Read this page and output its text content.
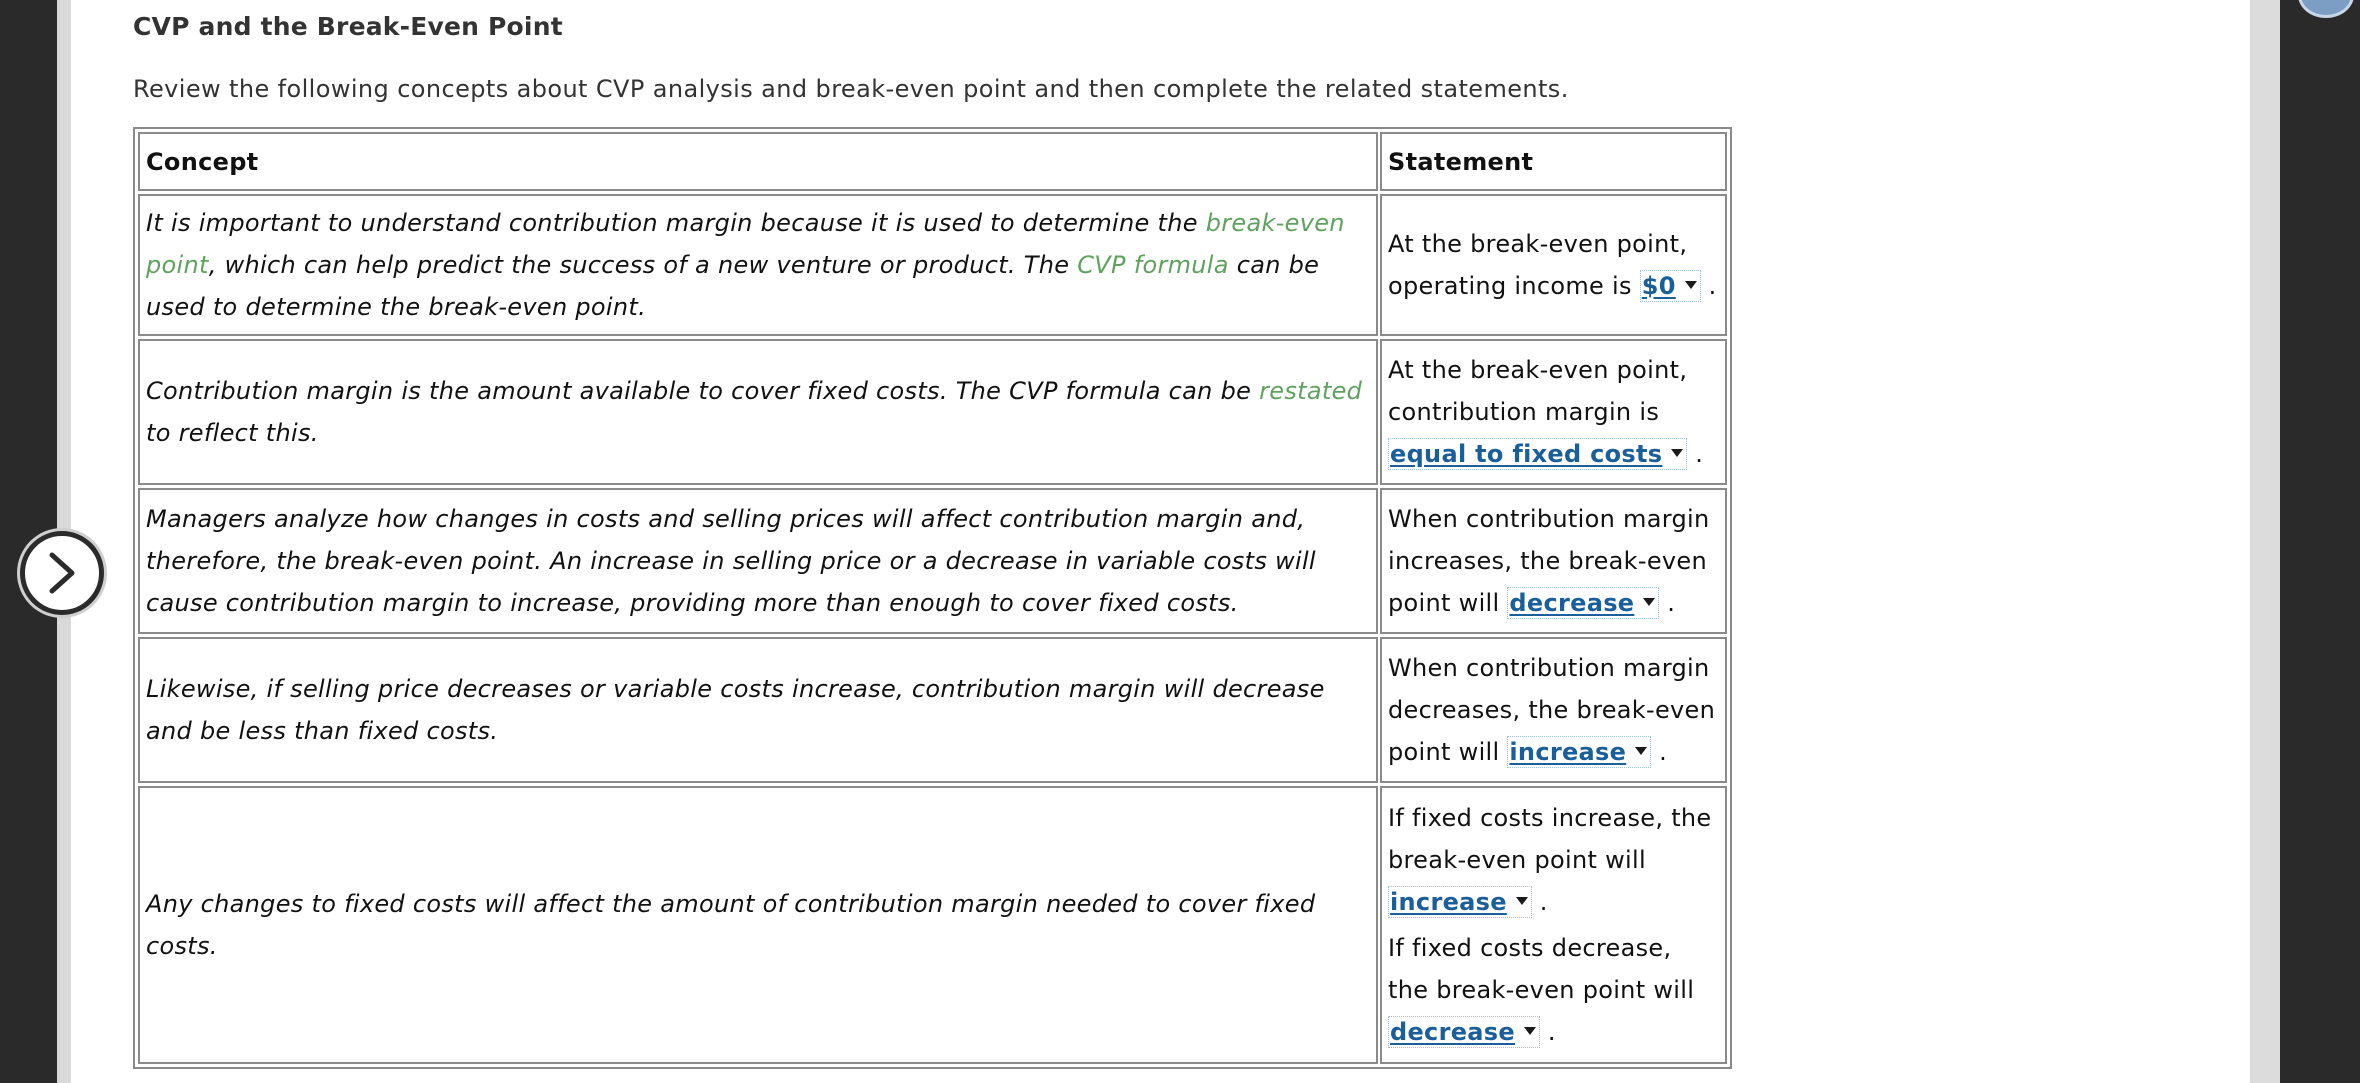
CVP and the Break-Even Point

Review the following concepts about CVP analysis and break-even point and then complete the related statements.

Concept	Statement
It is important to understand contribution margin because it is used to determine the break-even point, which can help predict the success of a new venture or product. The CVP formula can be used to determine the break-even point.

At the break-even point, operating income is $0 .

Contribution margin is the amount available to cover fixed costs. The CVP formula can be restated to reflect this.

At the break-even point, contribution margin is equal to fixed costs .

Managers analyze how changes in costs and selling prices will affect contribution margin and, therefore, the break-even point. An increase in selling price or a decrease in variable costs will cause contribution margin to increase, providing more than enough to cover fixed costs.

When contribution margin increases, the break-even point will decrease .

Likewise, if selling price decreases or variable costs increase, contribution margin will decrease and be less than fixed costs.

When contribution margin decreases, the break-even point will increase .

Any changes to fixed costs will affect the amount of contribution margin needed to cover fixed costs.

If fixed costs increase, the break-even point will increase .

If fixed costs decrease, the break-even point will decrease .
